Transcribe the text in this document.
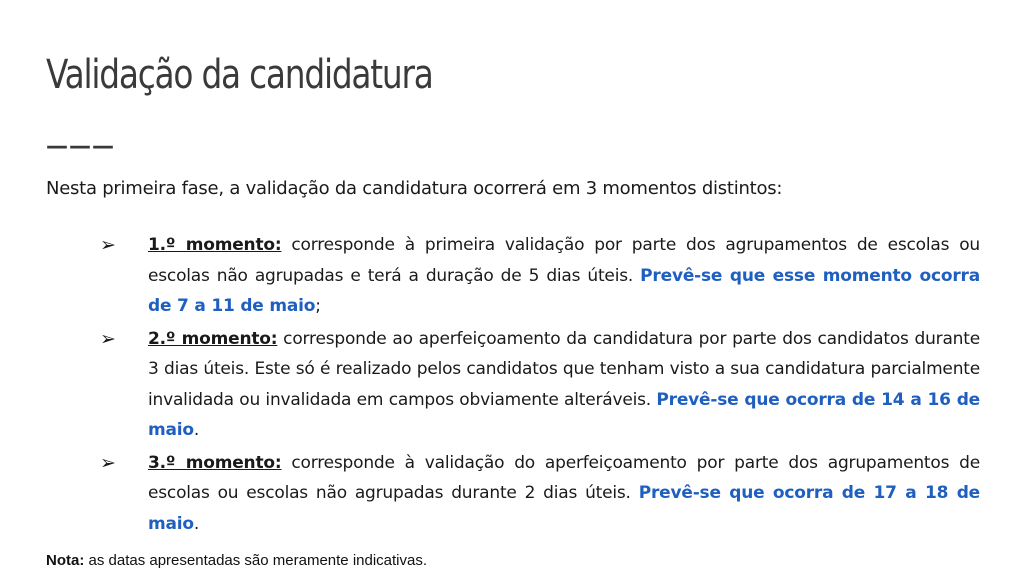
Validação da candidatura
———
Nesta primeira fase, a validação da candidatura ocorrerá em 3 momentos distintos:
➢	1.º momento: corresponde à primeira validação por parte dos agrupamentos de escolas ou escolas não agrupadas e terá a duração de 5 dias úteis. Prevê-se que esse momento ocorra de 7 a 11 de maio;
➢	2.º momento: corresponde ao aperfeiçoamento da candidatura por parte dos candidatos durante 3 dias úteis. Este só é realizado pelos candidatos que tenham visto a sua candidatura parcialmente invalidada ou invalidada em campos obviamente alteráveis. Prevê-se que ocorra de 14 a 16 de maio.
➢	3.º momento: corresponde à validação do aperfeiçoamento por parte dos agrupamentos de escolas ou escolas não agrupadas durante 2 dias úteis. Prevê-se que ocorra de 17 a 18 de maio.
Nota: as datas apresentadas são meramente indicativas.
